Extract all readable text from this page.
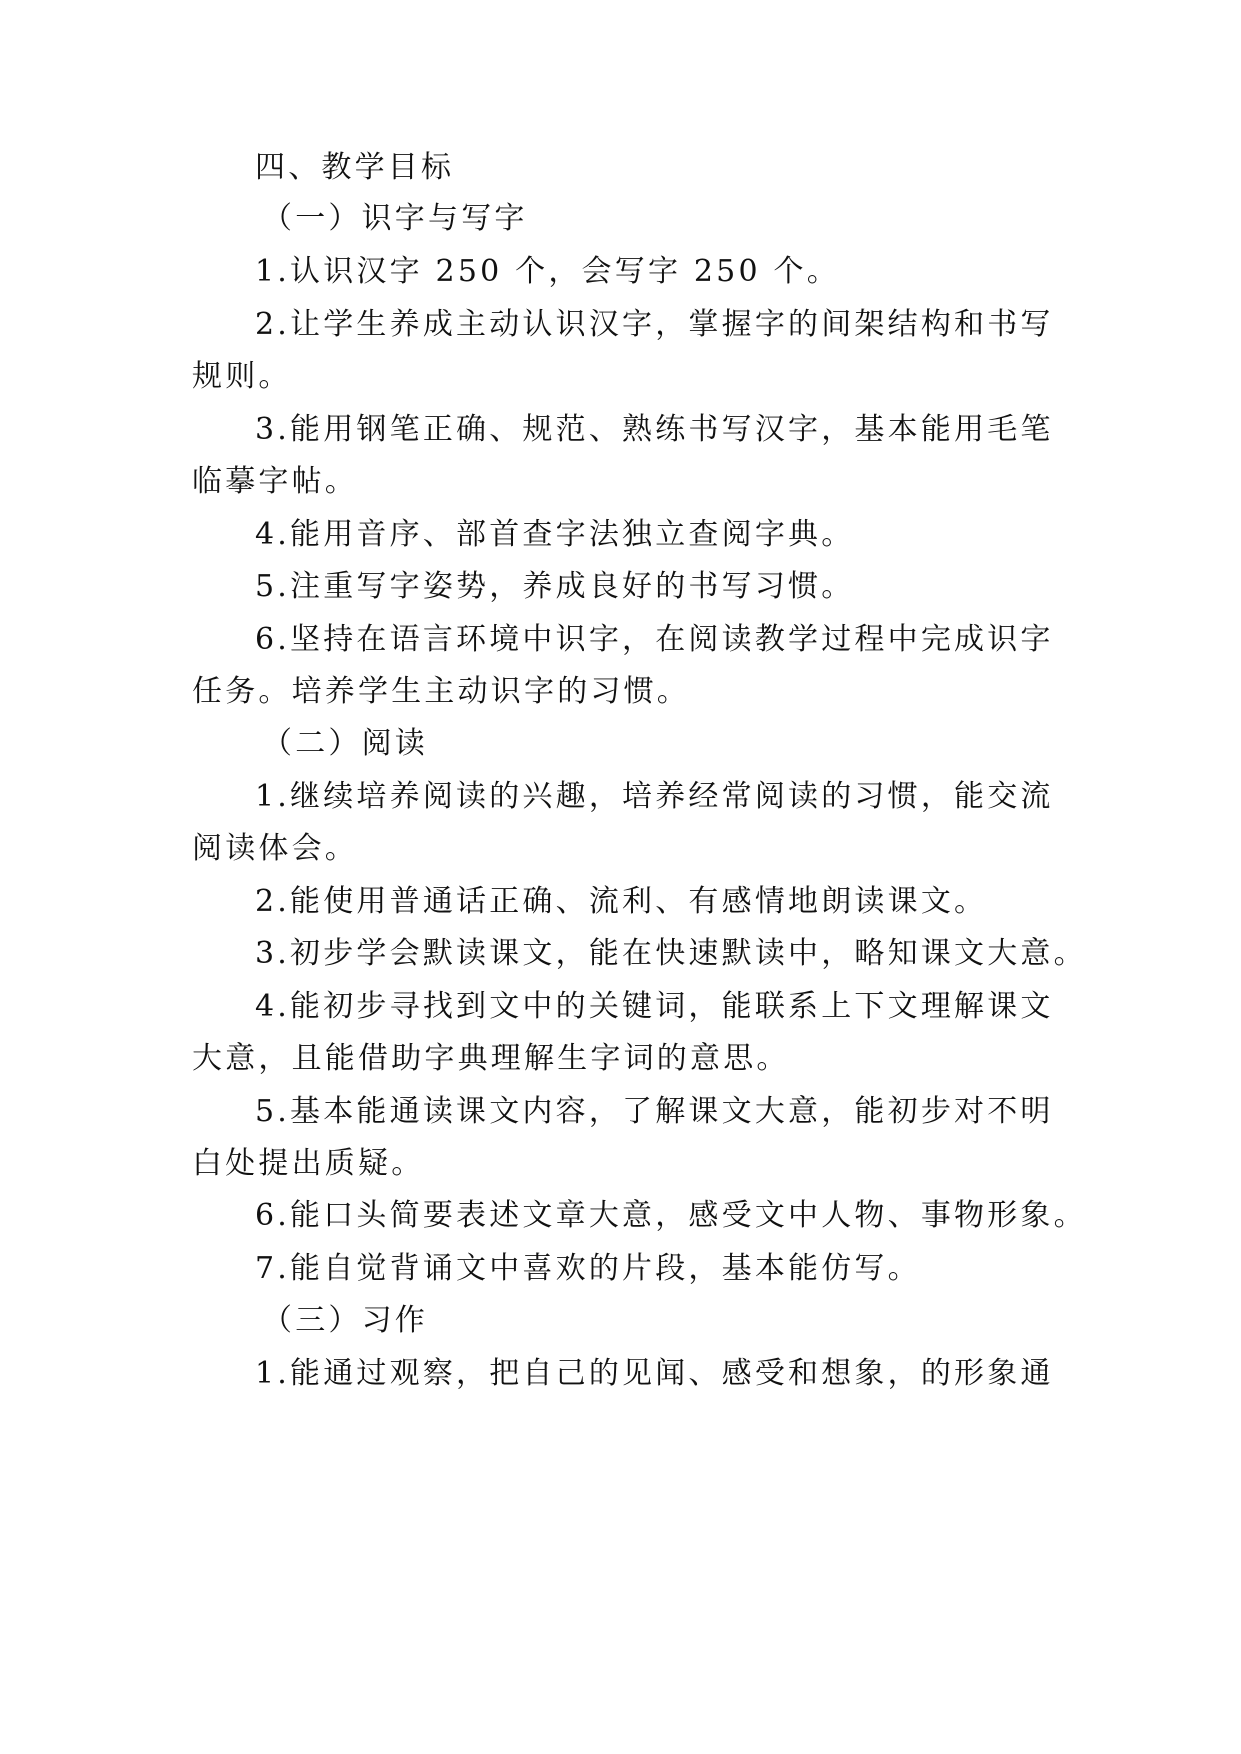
四、教学目标
（一）识字与写字
1.认识汉字 250 个，会写字 250 个。
2.让学生养成主动认识汉字，掌握字的间架结构和书写
规则。
3.能用钢笔正确、规范、熟练书写汉字，基本能用毛笔
临摹字帖。
4.能用音序、部首查字法独立查阅字典。
5.注重写字姿势，养成良好的书写习惯。
6.坚持在语言环境中识字，在阅读教学过程中完成识字
任务。培养学生主动识字的习惯。
（二）阅读
1.继续培养阅读的兴趣，培养经常阅读的习惯，能交流
阅读体会。
2.能使用普通话正确、流利、有感情地朗读课文。
3.初步学会默读课文，能在快速默读中，略知课文大意。
4.能初步寻找到文中的关键词，能联系上下文理解课文
大意，且能借助字典理解生字词的意思。
5.基本能通读课文内容，了解课文大意，能初步对不明
白处提出质疑。
6.能口头简要表述文章大意，感受文中人物、事物形象。
7.能自觉背诵文中喜欢的片段，基本能仿写。
（三）习作
1.能通过观察，把自己的见闻、感受和想象，的形象通
